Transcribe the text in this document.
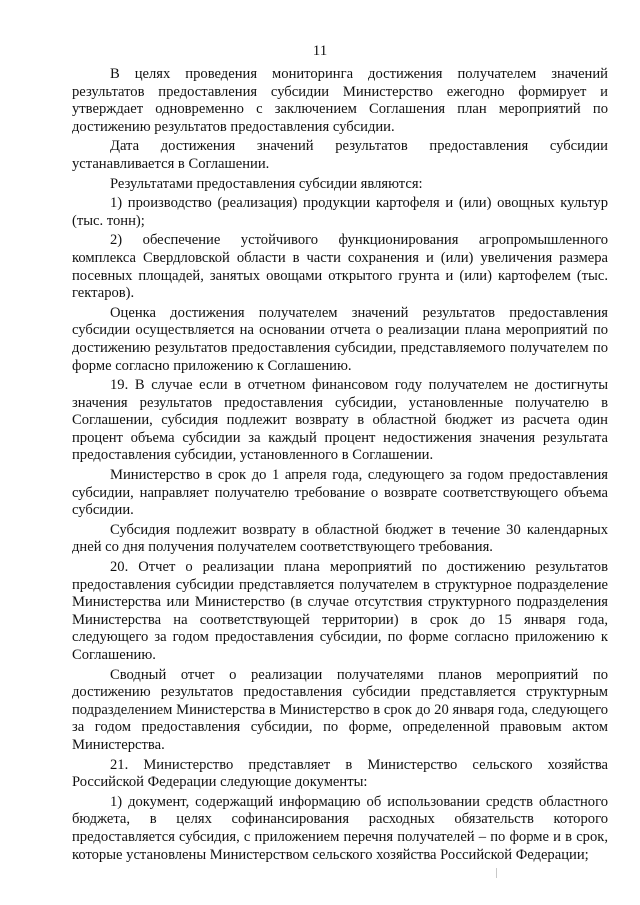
11

В целях проведения мониторинга достижения получателем значений результатов предоставления субсидии Министерство ежегодно формирует и утверждает одновременно с заключением Соглашения план мероприятий по достижению результатов предоставления субсидии.

Дата достижения значений результатов предоставления субсидии устанавливается в Соглашении.

Результатами предоставления субсидии являются:

1) производство (реализация) продукции картофеля и (или) овощных культур (тыс. тонн);

2) обеспечение устойчивого функционирования агропромышленного комплекса Свердловской области в части сохранения и (или) увеличения размера посевных площадей, занятых овощами открытого грунта и (или) картофелем (тыс. гектаров).

Оценка достижения получателем значений результатов предоставления субсидии осуществляется на основании отчета о реализации плана мероприятий по достижению результатов предоставления субсидии, представляемого получателем по форме согласно приложению к Соглашению.

19. В случае если в отчетном финансовом году получателем не достигнуты значения результатов предоставления субсидии, установленные получателю в Соглашении, субсидия подлежит возврату в областной бюджет из расчета один процент объема субсидии за каждый процент недостижения значения результата предоставления субсидии, установленного в Соглашении.

Министерство в срок до 1 апреля года, следующего за годом предоставления субсидии, направляет получателю требование о возврате соответствующего объема субсидии.

Субсидия подлежит возврату в областной бюджет в течение 30 календарных дней со дня получения получателем соответствующего требования.

20. Отчет о реализации плана мероприятий по достижению результатов предоставления субсидии представляется получателем в структурное подразделение Министерства или Министерство (в случае отсутствия структурного подразделения Министерства на соответствующей территории) в срок до 15 января года, следующего за годом предоставления субсидии, по форме согласно приложению к Соглашению.

Сводный отчет о реализации получателями планов мероприятий по достижению результатов предоставления субсидии представляется структурным подразделением Министерства в Министерство в срок до 20 января года, следующего за годом предоставления субсидии, по форме, определенной правовым актом Министерства.

21. Министерство представляет в Министерство сельского хозяйства Российской Федерации следующие документы:

1) документ, содержащий информацию об использовании средств областного бюджета, в целях софинансирования расходных обязательств которого предоставляется субсидия, с приложением перечня получателей – по форме и в срок, которые установлены Министерством сельского хозяйства Российской Федерации;
